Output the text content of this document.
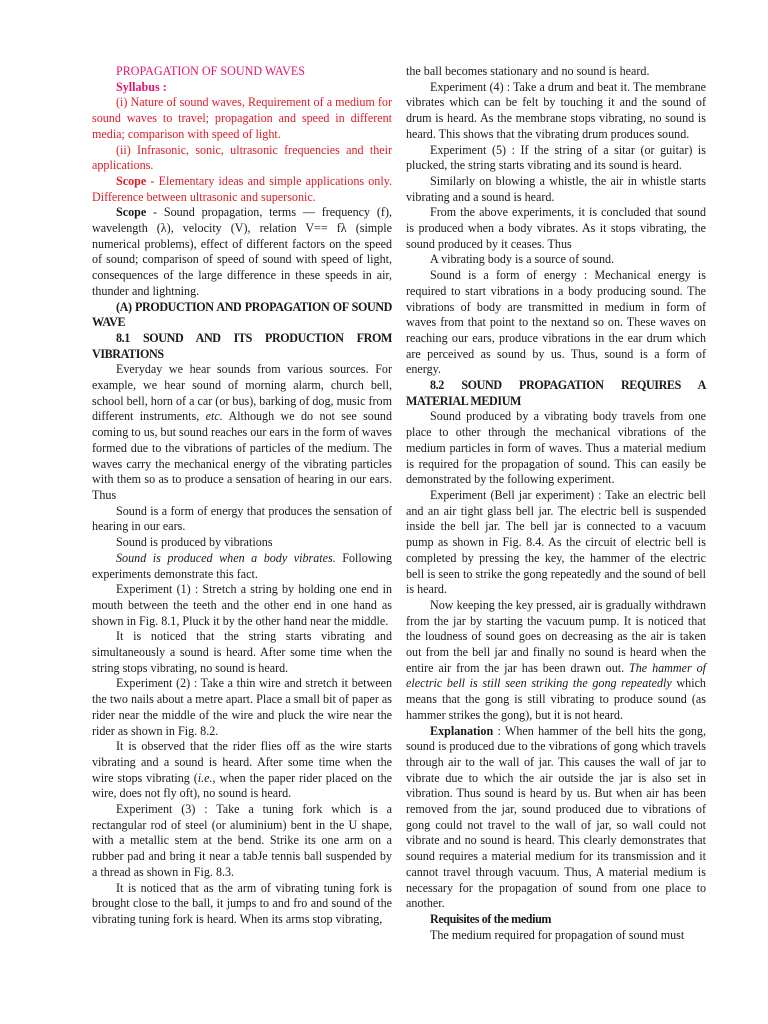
PROPAGATION OF SOUND WAVES

Syllabus :

(i) Nature of sound waves, Requirement of a medium for sound waves to travel; propagation and speed in different media; comparison with speed of light.

(ii) Infrasonic, sonic, ultrasonic frequencies and their applications.

Scope - Elementary ideas and simple applications only. Difference between ultrasonic and supersonic.

Scope - Sound propagation, terms — frequency (f), wavelength (λ), velocity (V), relation V== fλ (simple numerical problems), effect of different factors on the speed of sound; comparison of speed of sound with speed of light, consequences of the large difference in these speeds in air, thunder and lightning.

(A) PRODUCTION AND PROPAGATION OF SOUND WAVE

8.1 SOUND AND ITS PRODUCTION FROM VIBRATIONS

Everyday we hear sounds from various sources. For example, we hear sound of morning alarm, church bell, school bell, horn of a car (or bus), barking of dog, music from different instruments, etc. Although we do not see sound coming to us, but sound reaches our ears in the form of waves formed due to the vibrations of particles of the medium. The waves carry the mechanical energy of the vibrating particles with them so as to produce a sensation of hearing in our ears. Thus

Sound is a form of energy that produces the sensation of hearing in our ears.

Sound is produced by vibrations

Sound is produced when a body vibrates. Following experiments demonstrate this fact.

Experiment (1) : Stretch a string by holding one end in mouth between the teeth and the other end in one hand as shown in Fig. 8.1, Pluck it by the other hand near the middle.

It is noticed that the string starts vibrating and simultaneously a sound is heard. After some time when the string stops vibrating, no sound is heard.

Experiment (2) : Take a thin wire and stretch it between the two nails about a metre apart. Place a small bit of paper as rider near the middle of the wire and pluck the wire near the rider as shown in Fig. 8.2.

It is observed that the rider flies off as the wire starts vibrating and a sound is heard. After some time when the wire stops vibrating (i.e., when the paper rider placed on the wire, does not fly oft), no sound is heard.

Experiment (3) : Take a tuning fork which is a rectangular rod of steel (or aluminium) bent in the U shape, with a metallic stem at the bend. Strike its one arm on a rubber pad and bring it near a tabJe tennis ball suspended by a thread as shown in Fig. 8.3.

It is noticed that as the arm of vibrating tuning fork is brought close to the ball, it jumps to and fro and sound of the vibrating tuning fork is heard. When its arms stop vibrating,

the ball becomes stationary and no sound is heard.

Experiment (4) : Take a drum and beat it. The membrane vibrates which can be felt by touching it and the sound of drum is heard. As the membrane stops vibrating, no sound is heard. This shows that the vibrating drum produces sound.

Experiment (5) : If the string of a sitar (or guitar) is plucked, the string starts vibrating and its sound is heard.

Similarly on blowing a whistle, the air in whistle starts vibrating and a sound is heard.

From the above experiments, it is concluded that sound is produced when a body vibrates. As it stops vibrating, the sound produced by it ceases. Thus

A vibrating body is a source of sound.

Sound is a form of energy : Mechanical energy is required to start vibrations in a body producing sound. The vibrations of body are transmitted in medium in form of waves from that point to the nextand so on. These waves on reaching our ears, produce vibrations in the ear drum which are perceived as sound by us. Thus, sound is a form of energy.

8.2 SOUND PROPAGATION REQUIRES A MATERIAL MEDIUM

Sound produced by a vibrating body travels from one place to other through the mechanical vibrations of the medium particles in form of waves. Thus a material medium is required for the propagation of sound. This can easily be demonstrated by the following experiment.

Experiment (Bell jar experiment) : Take an electric bell and an air tight glass bell jar. The electric bell is suspended inside the bell jar. The bell jar is connected to a vacuum pump as shown in Fig. 8.4. As the circuit of electric bell is completed by pressing the key, the hammer of the electric bell is seen to strike the gong repeatedly and the sound of bell is heard.

Now keeping the key pressed, air is gradually withdrawn from the jar by starting the vacuum pump. It is noticed that the loudness of sound goes on decreasing as the air is taken out from the bell jar and finally no sound is heard when the entire air from the jar has been drawn out. The hammer of electric bell is still seen striking the gong repeatedly which means that the gong is still vibrating to produce sound (as hammer strikes the gong), but it is not heard.

Explanation : When hammer of the bell hits the gong, sound is produced due to the vibrations of gong which travels through air to the wall of jar. This causes the wall of jar to vibrate due to which the air outside the jar is also set in vibration. Thus sound is heard by us. But when air has been removed from the jar, sound produced due to vibrations of gong could not travel to the wall of jar, so wall could not vibrate and no sound is heard. This clearly demonstrates that sound requires a material medium for its transmission and it cannot travel through vacuum. Thus, A material medium is necessary for the propagation of sound from one place to another.

Requisites of the medium

The medium required for propagation of sound must
